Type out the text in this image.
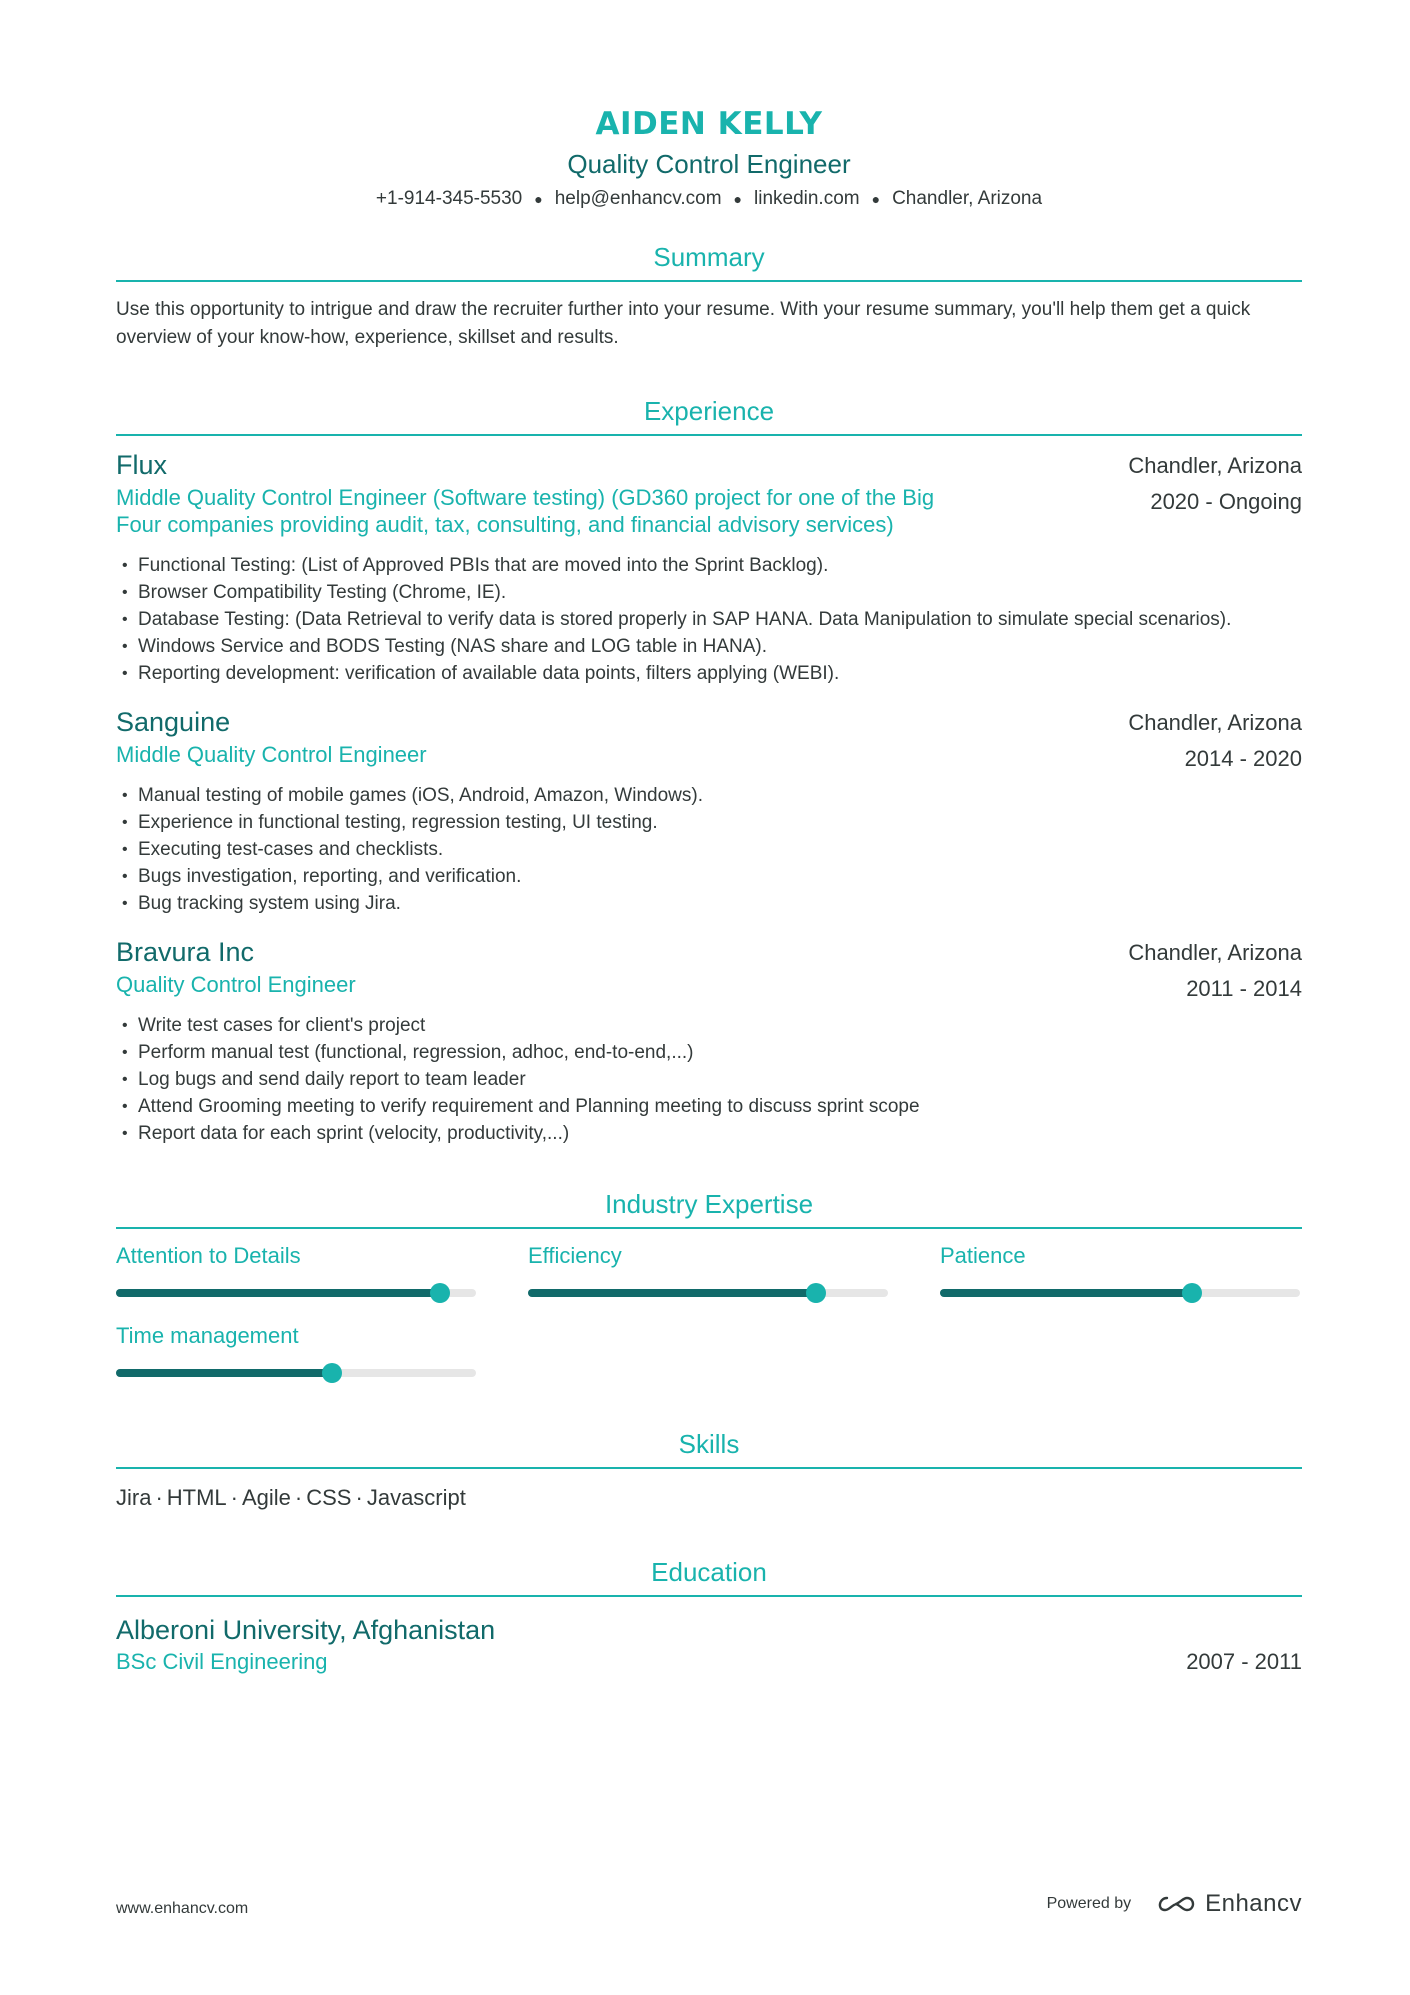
AIDEN KELLY
Quality Control Engineer
+1-914-345-5530 ● help@enhancv.com ● linkedin.com ● Chandler, Arizona
Summary
Use this opportunity to intrigue and draw the recruiter further into your resume. With your resume summary, you'll help them get a quick overview of your know-how, experience, skillset and results.
Experience
Flux
Middle Quality Control Engineer (Software testing) (GD360 project for one of the Big Four companies providing audit, tax, consulting, and financial advisory services)
Chandler, Arizona
2020 - Ongoing
• Functional Testing: (List of Approved PBIs that are moved into the Sprint Backlog).
• Browser Compatibility Testing (Chrome, IE).
• Database Testing: (Data Retrieval to verify data is stored properly in SAP HANA. Data Manipulation to simulate special scenarios).
• Windows Service and BODS Testing (NAS share and LOG table in HANA).
• Reporting development: verification of available data points, filters applying (WEBI).
Sanguine
Middle Quality Control Engineer
Chandler, Arizona
2014 - 2020
• Manual testing of mobile games (iOS, Android, Amazon, Windows).
• Experience in functional testing, regression testing, UI testing.
• Executing test-cases and checklists.
• Bugs investigation, reporting, and verification.
• Bug tracking system using Jira.
Bravura Inc
Quality Control Engineer
Chandler, Arizona
2011 - 2014
• Write test cases for client's project
• Perform manual test (functional, regression, adhoc, end-to-end,...)
• Log bugs and send daily report to team leader
• Attend Grooming meeting to verify requirement and Planning meeting to discuss sprint scope
• Report data for each sprint (velocity, productivity,...)
Industry Expertise
Attention to Details	Efficiency	Patience
Time management
Skills
Jira · HTML · Agile · CSS · Javascript
Education
Alberoni University, Afghanistan
BSc Civil Engineering	2007 - 2011
www.enhancv.com	Powered by	Enhancv
